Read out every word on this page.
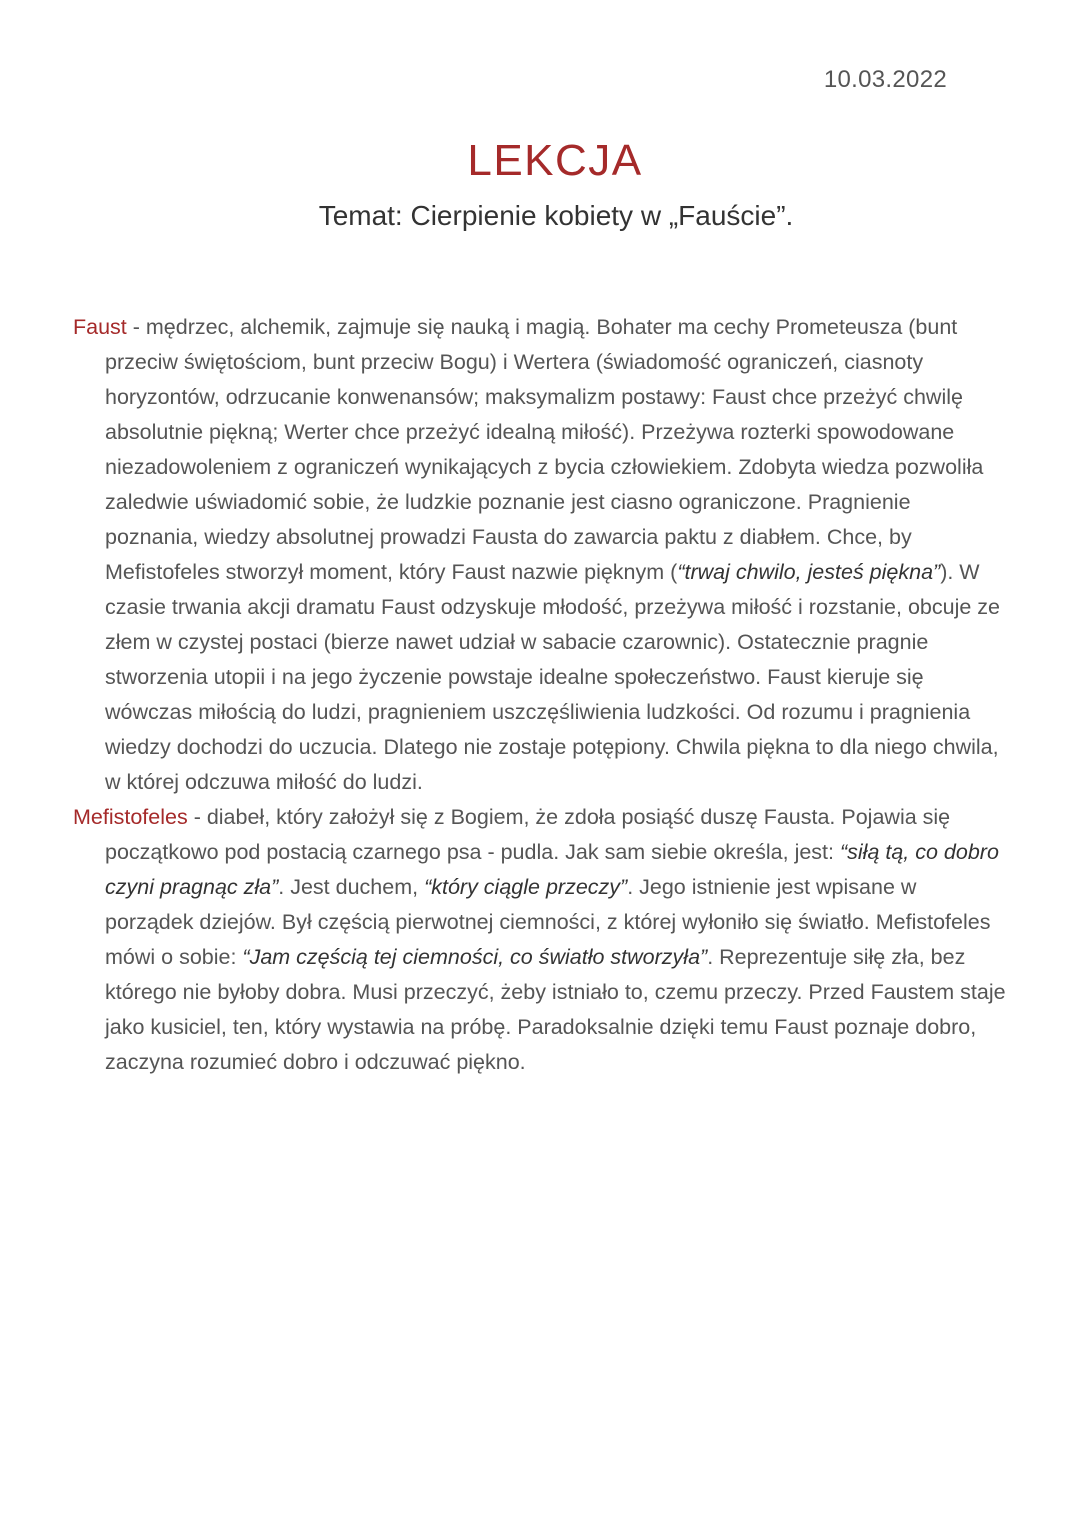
10.03.2022
LEKCJA
Temat: Cierpienie kobiety w „Fauście”.

Faust - mędrzec, alchemik, zajmuje się nauką i magią. Bohater ma cechy Prometeusza (bunt przeciw świętościom, bunt przeciw Bogu) i Wertera (świadomość ograniczeń, ciasnoty horyzontów, odrzucanie konwenansów; maksymalizm postawy: Faust chce przeżyć chwilę absolutnie piękną; Werter chce przeżyć idealną miłość). Przeżywa rozterki spowodowane niezadowoleniem z ograniczeń wynikających z bycia człowiekiem. Zdobyta wiedza pozwoliła zaledwie uświadomić sobie, że ludzkie poznanie jest ciasno ograniczone. Pragnienie poznania, wiedzy absolutnej prowadzi Fausta do zawarcia paktu z diabłem. Chce, by Mefistofeles stworzył moment, który Faust nazwie pięknym (“trwaj chwilo, jesteś piękna”). W czasie trwania akcji dramatu Faust odzyskuje młodość, przeżywa miłość i rozstanie, obcuje ze złem w czystej postaci (bierze nawet udział w sabacie czarownic). Ostatecznie pragnie stworzenia utopii i na jego życzenie powstaje idealne społeczeństwo. Faust kieruje się wówczas miłością do ludzi, pragnieniem uszczęśliwienia ludzkości. Od rozumu i pragnienia wiedzy dochodzi do uczucia. Dlatego nie zostaje potępiony. Chwila piękna to dla niego chwila, w której odczuwa miłość do ludzi.

Mefistofeles - diabeł, który założył się z Bogiem, że zdoła posiąść duszę Fausta. Pojawia się początkowo pod postacią czarnego psa - pudla. Jak sam siebie określa, jest: “siłą tą, co dobro czyni pragnąc zła”. Jest duchem, “który ciągle przeczy”. Jego istnienie jest wpisane w porządek dziejów. Był częścią pierwotnej ciemności, z której wyłoniło się światło. Mefistofeles mówi o sobie: “Jam częścią tej ciemności, co światło stworzyła”. Reprezentuje siłę zła, bez którego nie byłoby dobra. Musi przeczyć, żeby istniało to, czemu przeczy. Przed Faustem staje jako kusiciel, ten, który wystawia na próbę. Paradoksalnie dzięki temu Faust poznaje dobro, zaczyna rozumieć dobro i odczuwać piękno.
